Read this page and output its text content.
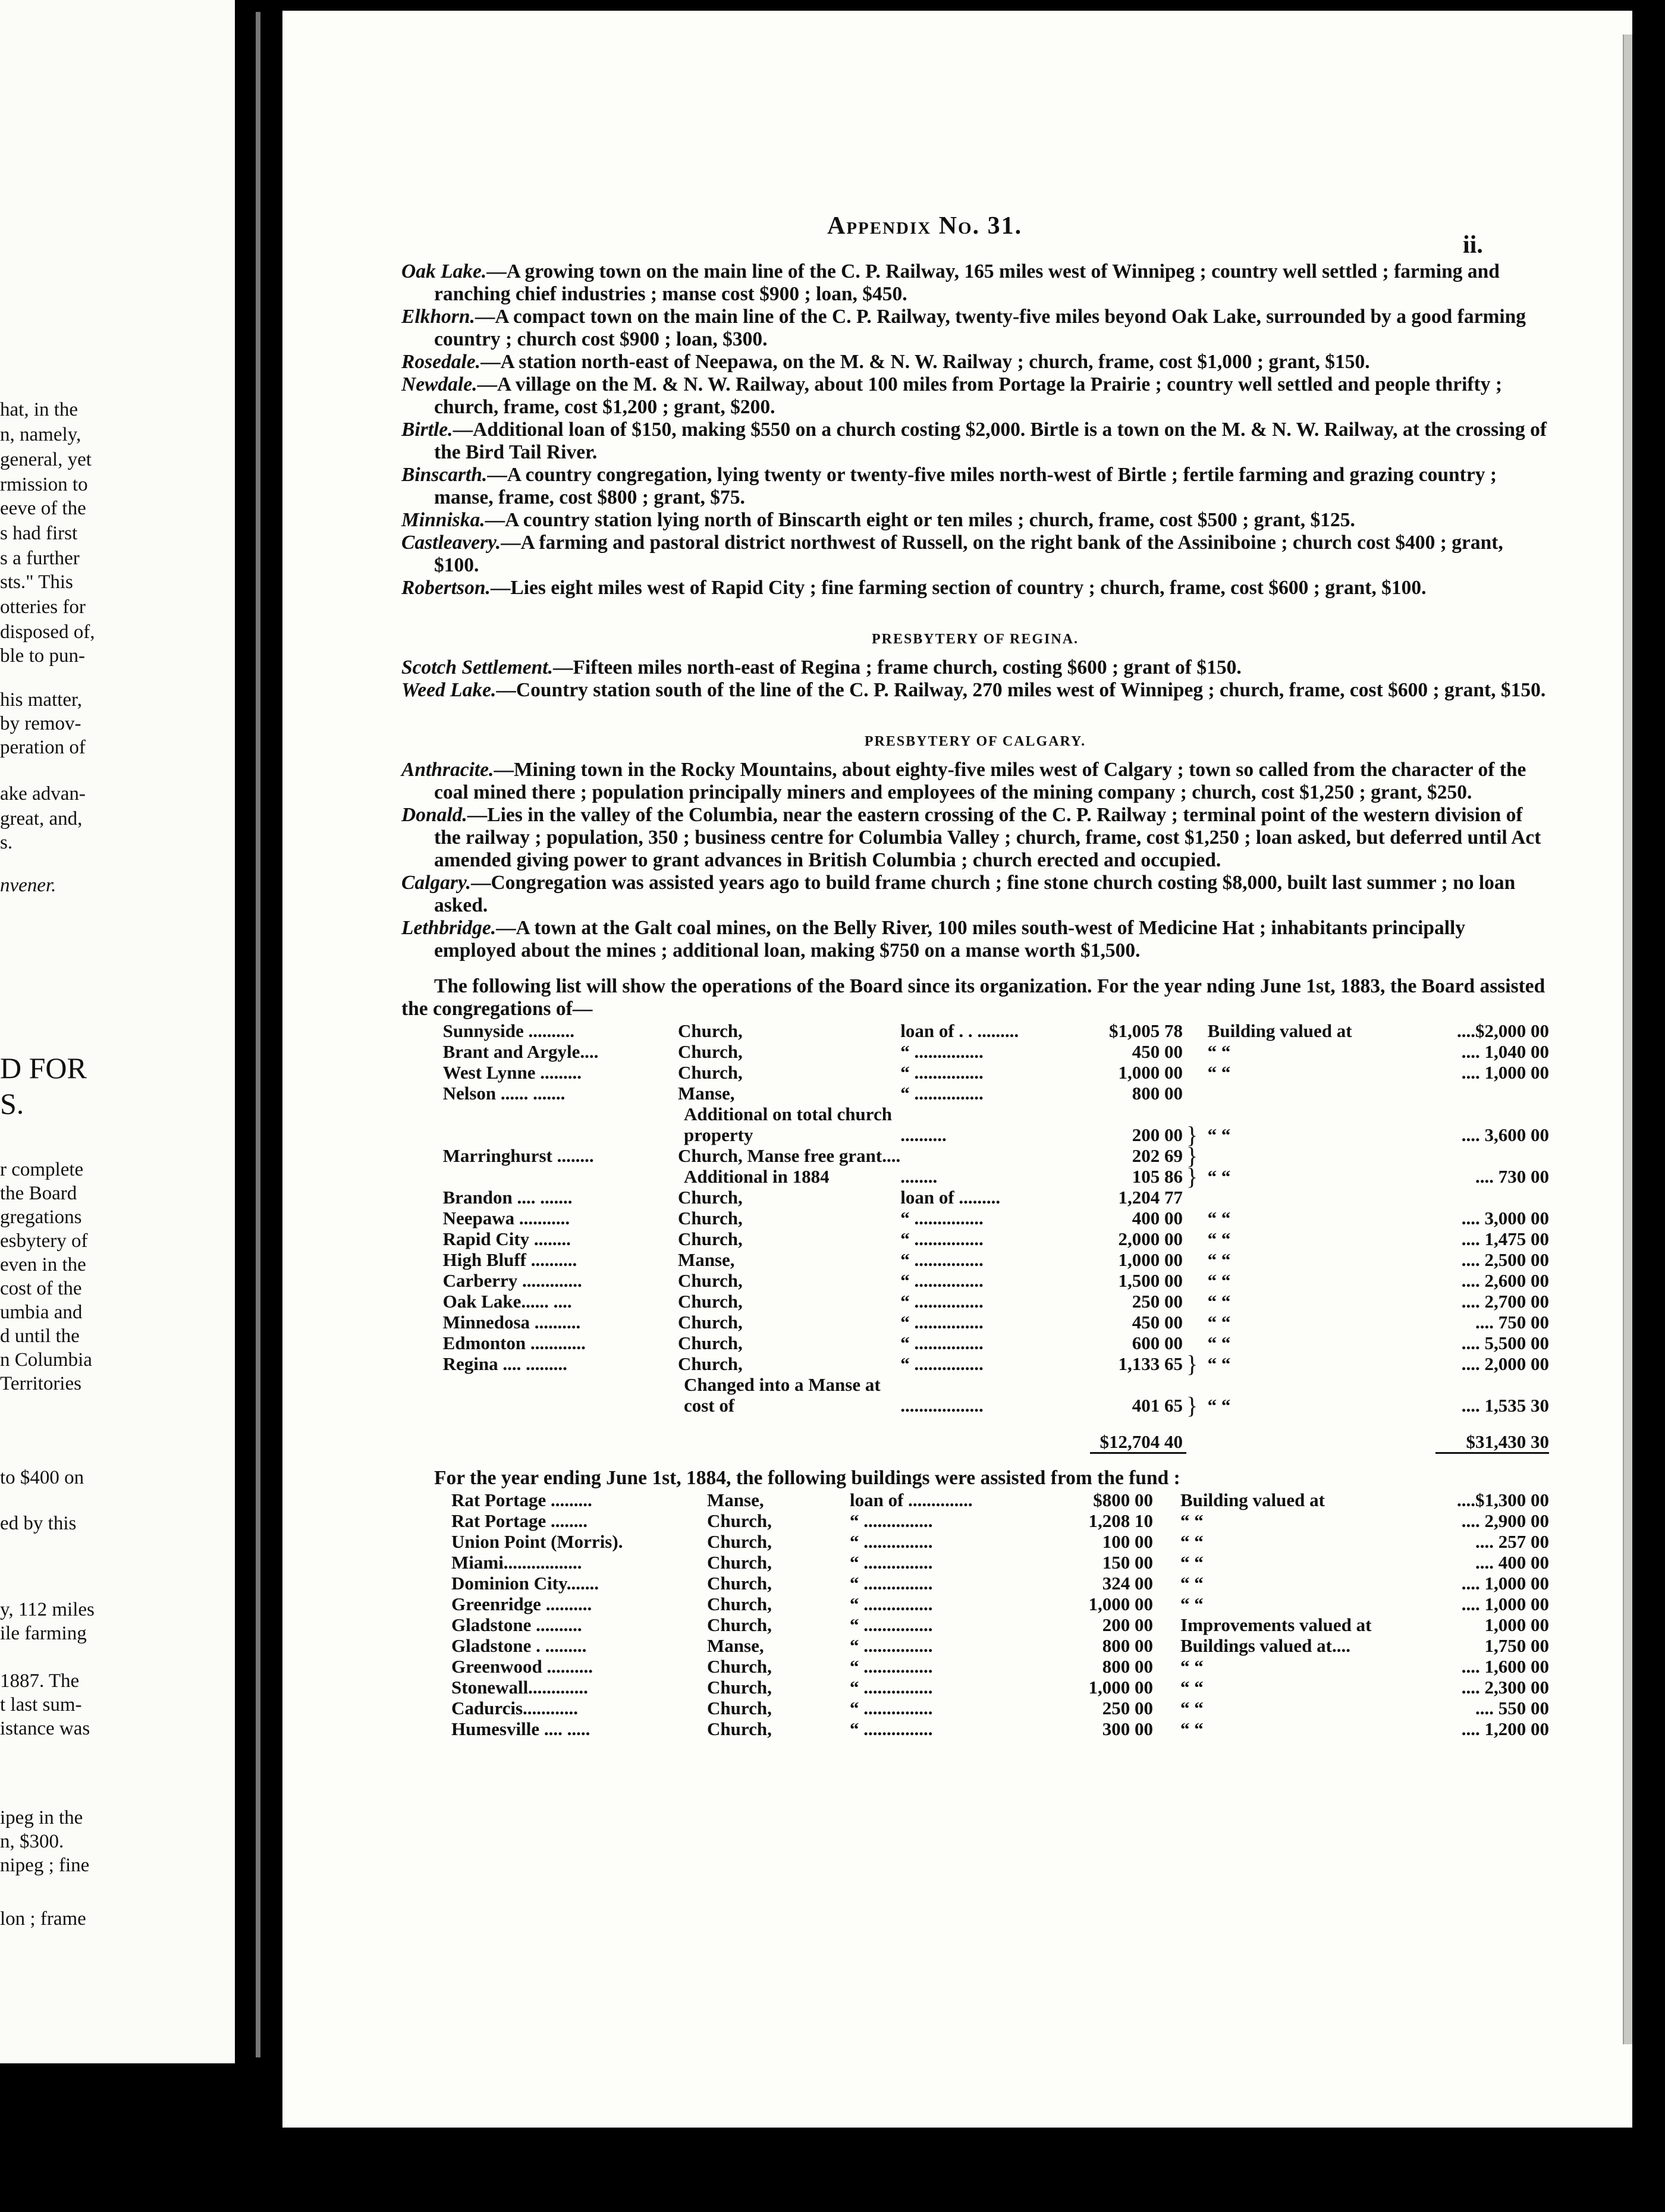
hat, in the
n, namely,
general, yet
rmission to
eeve of the
s had first
s a further
sts." This
otteries for
disposed of,
ble to pun-
his matter,
by remov-
peration of
ake advan-
great, and,
s.
nvener.
D FOR
S.
r complete
the Board
gregations
esbytery of
even in the
cost of the
umbia and
d until the
n Columbia
Territories
to $400 on
ed by this
y, 112 miles
ile farming
1887. The
t last sum-
istance was
ipeg in the
n, $300.
nipeg ; fine
lon ; frame
Appendix No. 31.
ii.

Oak Lake.—A growing town on the main line of the C. P. Railway, 165 miles west of Winnipeg ; country well settled ; farming and ranching chief industries ; manse cost $900 ; loan, $450.

Elkhorn.—A compact town on the main line of the C. P. Railway, twenty-five miles beyond Oak Lake, surrounded by a good farming country ; church cost $900 ; loan, $300.

Rosedale.—A station north-east of Neepawa, on the M. & N. W. Railway ; church, frame, cost $1,000 ; grant, $150.

Newdale.—A village on the M. & N. W. Railway, about 100 miles from Portage la Prairie ; country well settled and people thrifty ; church, frame, cost $1,200 ; grant, $200.

Birtle.—Additional loan of $150, making $550 on a church costing $2,000. Birtle is a town on the M. & N. W. Railway, at the crossing of the Bird Tail River.

Binscarth.—A country congregation, lying twenty or twenty-five miles north-west of Birtle ; fertile farming and grazing country ; manse, frame, cost $800 ; grant, $75.

Minniska.—A country station lying north of Binscarth eight or ten miles ; church, frame, cost $500 ; grant, $125.

Castleavery.—A farming and pastoral district northwest of Russell, on the right bank of the Assiniboine ; church cost $400 ; grant, $100.

Robertson.—Lies eight miles west of Rapid City ; fine farming section of country ; church, frame, cost $600 ; grant, $100.

PRESBYTERY OF REGINA.

Scotch Settlement.—Fifteen miles north-east of Regina ; frame church, costing $600 ; grant of $150.

Weed Lake.—Country station south of the line of the C. P. Railway, 270 miles west of Winnipeg ; church, frame, cost $600 ; grant, $150.

PRESBYTERY OF CALGARY.

Anthracite.—Mining town in the Rocky Mountains, about eighty-five miles west of Calgary ; town so called from the character of the coal mined there ; population principally miners and employees of the mining company ; church, cost $1,250 ; grant, $250.

Donald.—Lies in the valley of the Columbia, near the eastern crossing of the C. P. Railway ; terminal point of the western division of the railway ; population, 350 ; business centre for Columbia Valley ; church, frame, cost $1,250 ; loan asked, but deferred until Act amended giving power to grant advances in British Columbia ; church erected and occupied.

Calgary.—Congregation was assisted years ago to build frame church ; fine stone church costing $8,000, built last summer ; no loan asked.

Lethbridge.—A town at the Galt coal mines, on the Belly River, 100 miles south-west of Medicine Hat ; inhabitants principally employed about the mines ; additional loan, making $750 on a manse worth $1,500.

The following list will show the operations of the Board since its organization. For the year nding June 1st, 1883, the Board assisted the congregations of—

	Sunnyside ..........	Church,	loan of . . .........	$1,005 78		Building valued at	....$2,000 00
	Brant and Argyle....	Church,	“ ...............	450 00		“ “	.... 1,040 00
	West Lynne .........	Church,	“ ...............	1,000 00		“ “	.... 1,000 00
	Nelson ...... .......	Manse,	“ ...............	800 00			
		Additional on total church					
		property	..........	200 00	}	“ “	.... 3,600 00
	Marringhurst ........	Church, Manse free grant....		202 69	}		
		Additional in 1884	........	105 86	}	“ “	.... 730 00
	Brandon .... .......	Church,	loan of .........	1,204 77			
	Neepawa ...........	Church,	“ ...............	400 00		“ “	.... 3,000 00
	Rapid City ........	Church,	“ ...............	2,000 00		“ “	.... 1,475 00
	High Bluff ..........	Manse,	“ ...............	1,000 00		“ “	.... 2,500 00
	Carberry .............	Church,	“ ...............	1,500 00		“ “	.... 2,600 00
	Oak Lake...... ....	Church,	“ ...............	250 00		“ “	.... 2,700 00
	Minnedosa ..........	Church,	“ ...............	450 00		“ “	.... 750 00
	Edmonton ............	Church,	“ ...............	600 00		“ “	.... 5,500 00
	Regina .... .........	Church,	“ ...............	1,133 65	}	“ “	.... 2,000 00
		Changed into a Manse at					
		cost of	..................	401 65	}	“ “	.... 1,535 30
				$12,704 40			$31,430 30

For the year ending June 1st, 1884, the following buildings were assisted from the fund :

	Rat Portage .........	Manse,	loan of ..............	$800 00		Building valued at	....$1,300 00
	Rat Portage ........	Church,	“ ...............	1,208 10		“ “	.... 2,900 00
	Union Point (Morris).	Church,	“ ...............	100 00		“ “	.... 257 00
	Miami.................	Church,	“ ...............	150 00		“ “	.... 400 00
	Dominion City.......	Church,	“ ...............	324 00		“ “	.... 1,000 00
	Greenridge ..........	Church,	“ ...............	1,000 00		“ “	.... 1,000 00
	Gladstone ..........	Church,	“ ...............	200 00		Improvements valued at	1,000 00
	Gladstone . .........	Manse,	“ ...............	800 00		Buildings valued at....	1,750 00
	Greenwood ..........	Church,	“ ...............	800 00		“ “	.... 1,600 00
	Stonewall.............	Church,	“ ...............	1,000 00		“ “	.... 2,300 00
	Cadurcis............	Church,	“ ...............	250 00		“ “	.... 550 00
	Humesville .... .....	Church,	“ ...............	300 00		“ “	.... 1,200 00
